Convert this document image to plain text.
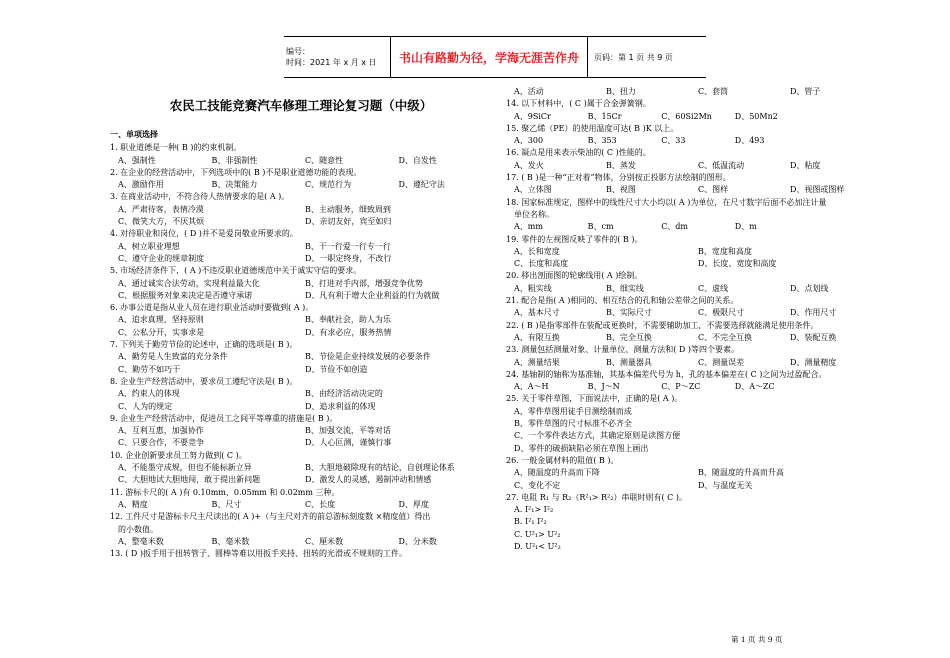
编号：
时间：2021 年 x 月 x 日	书山有路勤为径，学海无涯苦作舟	页码：第 1 页 共 9 页
农民工技能竞赛汽车修理工理论复习题（中级）
一、单项选择
1. 职业道德是一种( B )的约束机制。
A、强制性	B、非强制性	C、随意性	D、自发性
2. 在企业的经营活动中，下列选项中的( B )不是职业道德功能的表现。
A、激励作用	B、决策能力	C、规范行为	D、遵纪守法
3. 在商业活动中，不符合待人热情要求的是( A )。
A、严肃待客，表情冷漠	B、主动服务，细致周到
C、微笑大方，不厌其烦	D、亲切友好，宾至如归
4. 对待职业和岗位，( D )并不是爱岗敬业所要求的。
A、树立职业理想	B、干一行爱一行专一行
C、遵守企业的规章制度	D、一职定终身，不改行
5. 市场经济条件下，( A )不违反职业道德规范中关于诚实守信的要求。
A、通过诚实合法劳动，实现利益最大化	B、打进对手内部，增强竞争优势
C、根据服务对象来决定是否遵守承诺	D、凡有利于增大企业利益的行为就做
6. 办事公道是指从业人员在进行职业活动时要做到( A )。
A、追求真理，坚持原则	B、奉献社会，助人为乐
C、公私分开，实事求是	D、有求必应，服务热情
7. 下列关于勤劳节俭的论述中，正确的选项是( B )。
A、勤劳是人生致富的充分条件	B、节俭是企业持续发展的必要条件
C、勤劳不如巧干	D、节俭不如创造
8. 企业生产经营活动中，要求员工遵纪守法是( B )。
A、约束人的体现	B、由经济活动决定的
C、人为的规定	D、追求利益的体现
9. 企业生产经营活动中，促进员工之间平等尊重的措施是( B )。
A、互利互惠，加强协作	B、加强交流，平等对话
C、只要合作，不要竞争	D、人心叵测，谨慎行事
10. 企业创新要求员工努力做到( C )。
A、不能墨守成规，但也不能标新立异	B、大胆地破除现有的结论，自创理论体系
C、大胆地试大胆地闯，敢于提出新问题	D、激发人的灵感，遏制冲动和情感
11. 游标卡尺的( A )有 0.10mm、0.05mm 和 0.02mm 三种。
A、精度	B、尺寸	C、长度	D、厚度
12. 工件尺寸是游标卡尺主尺读出的( A )+（与主尺对齐的前总游标刻度数 ×精度值）得出
的小数值。
A、整毫米数	B、毫米数	C、厘米数	D、分米数
13. ( D )扳手用于扭转管子、圆棒等难以用扳手夹持、扭转的光滑或不规则的工件。
A、活动	B、扭力	C、套筒	D、管子
14. 以下材料中，( C )属于合金弹簧钢。
A、9SiCr	B、15Cr	C、60Si2Mn	D、50Mn2
15. 聚乙烯（PE）的使用温度可达( B )K 以上。
A、300	B、353	C、33	D、493
16. 凝点是用来表示柴油的( C )性能的。
A、发火	B、蒸发	C、低温流动	D、粘度
17. ( B )是一种“正对着”物体，分别按正投影方法绘制的图形。
A、立体图	B、视图	C、图样	D、视图或图样
18. 国家标准规定，图样中的线性尺寸大小均以( A )为单位，在尺寸数字后面不必加注计量
单位名称。
A、mm	B、cm	C、dm	D、m
19. 零件的左视图反映了零件的( B )。
A、长和宽度	B、宽度和高度
C、长度和高度	D、长度、宽度和高度
20. 移出剖面图的轮廓线用( A )绘制。
A、粗实线	B、细实线	C、虚线	D、点划线
21. 配合是指( A )相同的、相互结合的孔和轴公差带之间的关系。
A、基本尺寸	B、实际尺寸	C、极限尺寸	D、作用尺寸
22. ( B )是指零部件在装配或更换时，不需要辅助加工，不需要选择就能满足使用条件。
A、有限互换	B、完全互换	C、不完全互换	D、装配互换
23. 测量包括测量对象、计量单位、测量方法和( D )等四个要素。
A、测量结果	B、测量器具	C、测量误差	D、测量精度
24. 基轴制的轴称为基准轴，其基本偏差代号为 h，孔的基本偏差在( C )之间为过盈配合。
A、A～H	B、J～N	C、P～ZC	D、A～ZC
25. 关于零件草图，下面说法中，正确的是( A )。
A、零件草图用徒手目测绘制而成
B、零件草图的尺寸标准不必齐全
C、一个零件表达方式，其确定原则是读图方便
D、零件的破损缺陷必须在草图上画出
26. 一般金属材料的阻值( B )。
A、随温度的升高而下降	B、随温度的升高而升高
C、变化不定	D、与温度无关
27. 电阻 R₁ 与 R₂（R²₁> R²₂）串联时则有( C )。
A. I²₁> I²₂
B. I²₁ I²₂
C. U²₁> U²₂
D. U²₁< U²₂
第 1 页 共 9 页
